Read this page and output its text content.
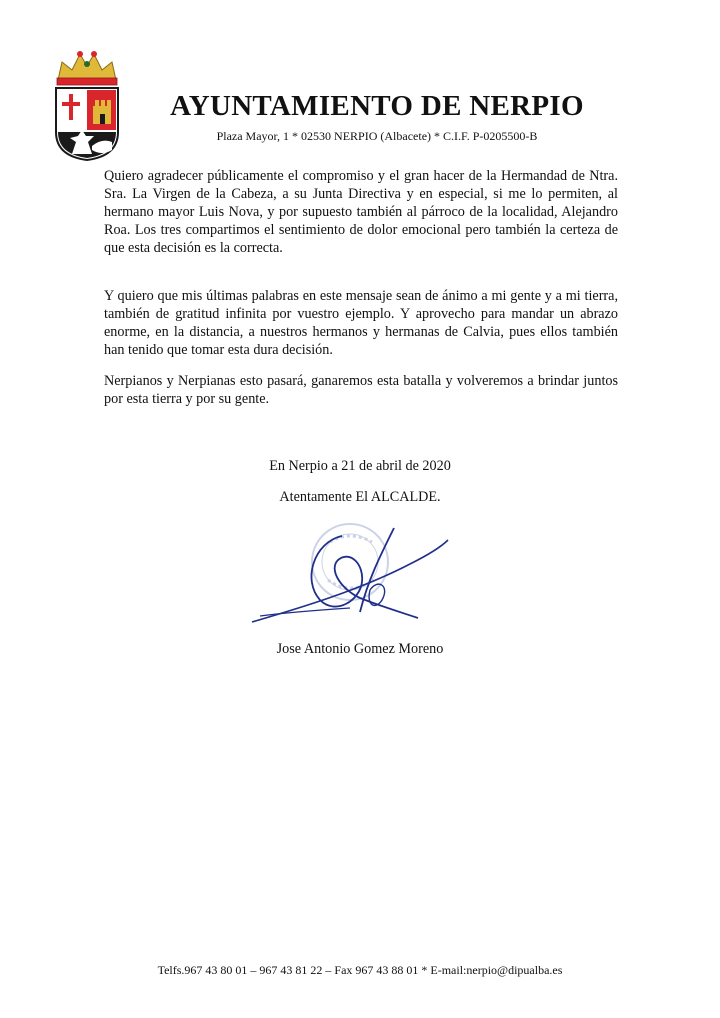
AYUNTAMIENTO DE NERPIO
Plaza Mayor, 1 * 02530 NERPIO (Albacete) * C.I.F. P-0205500-B

Quiero agradecer públicamente el compromiso y el gran hacer de la Hermandad de Ntra. Sra. La Virgen de la Cabeza, a su Junta Directiva y en especial, si me lo permiten, al hermano mayor Luis Nova, y por supuesto también al párroco de la localidad, Alejandro Roa. Los tres compartimos el sentimiento de dolor emocional pero también la certeza de que esta decisión es la correcta.

Y quiero que mis últimas palabras en este mensaje sean de ánimo a mi gente y a mi tierra, también de gratitud infinita por vuestro ejemplo. Y aprovecho para mandar un abrazo enorme, en la distancia, a nuestros hermanos y hermanas de Calvia, pues ellos también han tenido que tomar esta dura decisión.

Nerpianos y Nerpianas esto pasará, ganaremos esta batalla y volveremos a brindar juntos por esta tierra y por su gente.

En Nerpio a 21 de abril de 2020
Atentamente El ALCALDE.
Jose Antonio Gomez Moreno
Telfs.967 43 80 01 – 967 43 81 22 – Fax 967 43 88 01 * E-mail:nerpio@dipualba.es
